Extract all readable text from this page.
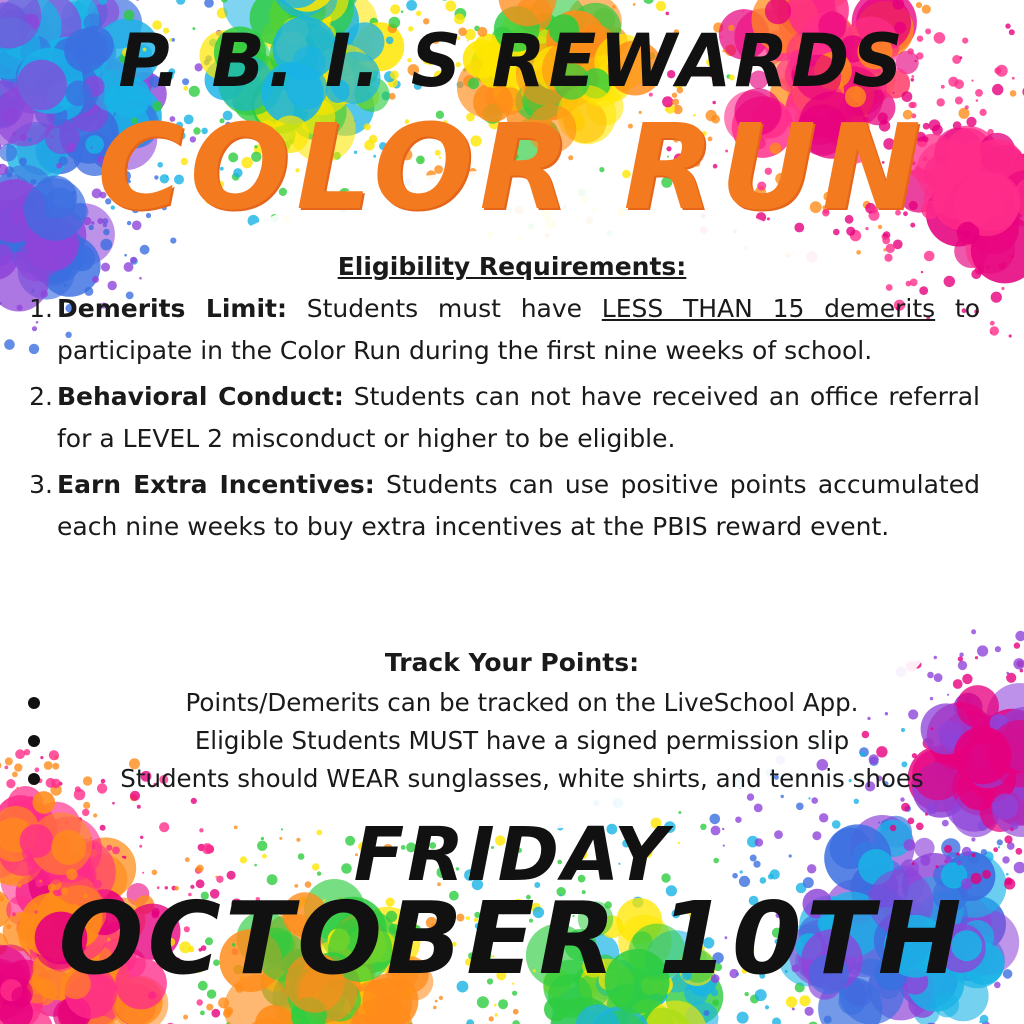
P. B. I. S REWARDS
COLOR RUN
Eligibility Requirements:
1. Demerits Limit: Students must have LESS THAN 15 demerits to participate in the Color Run during the first nine weeks of school.
2. Behavioral Conduct: Students can not have received an office referral for a LEVEL 2 misconduct or higher to be eligible.
3. Earn Extra Incentives: Students can use positive points accumulated each nine weeks to buy extra incentives at the PBIS reward event.
Track Your Points:
Points/Demerits can be tracked on the LiveSchool App.
Eligible Students MUST have a signed permission slip
Students should WEAR sunglasses, white shirts, and tennis shoes
FRIDAY
OCTOBER 10TH
